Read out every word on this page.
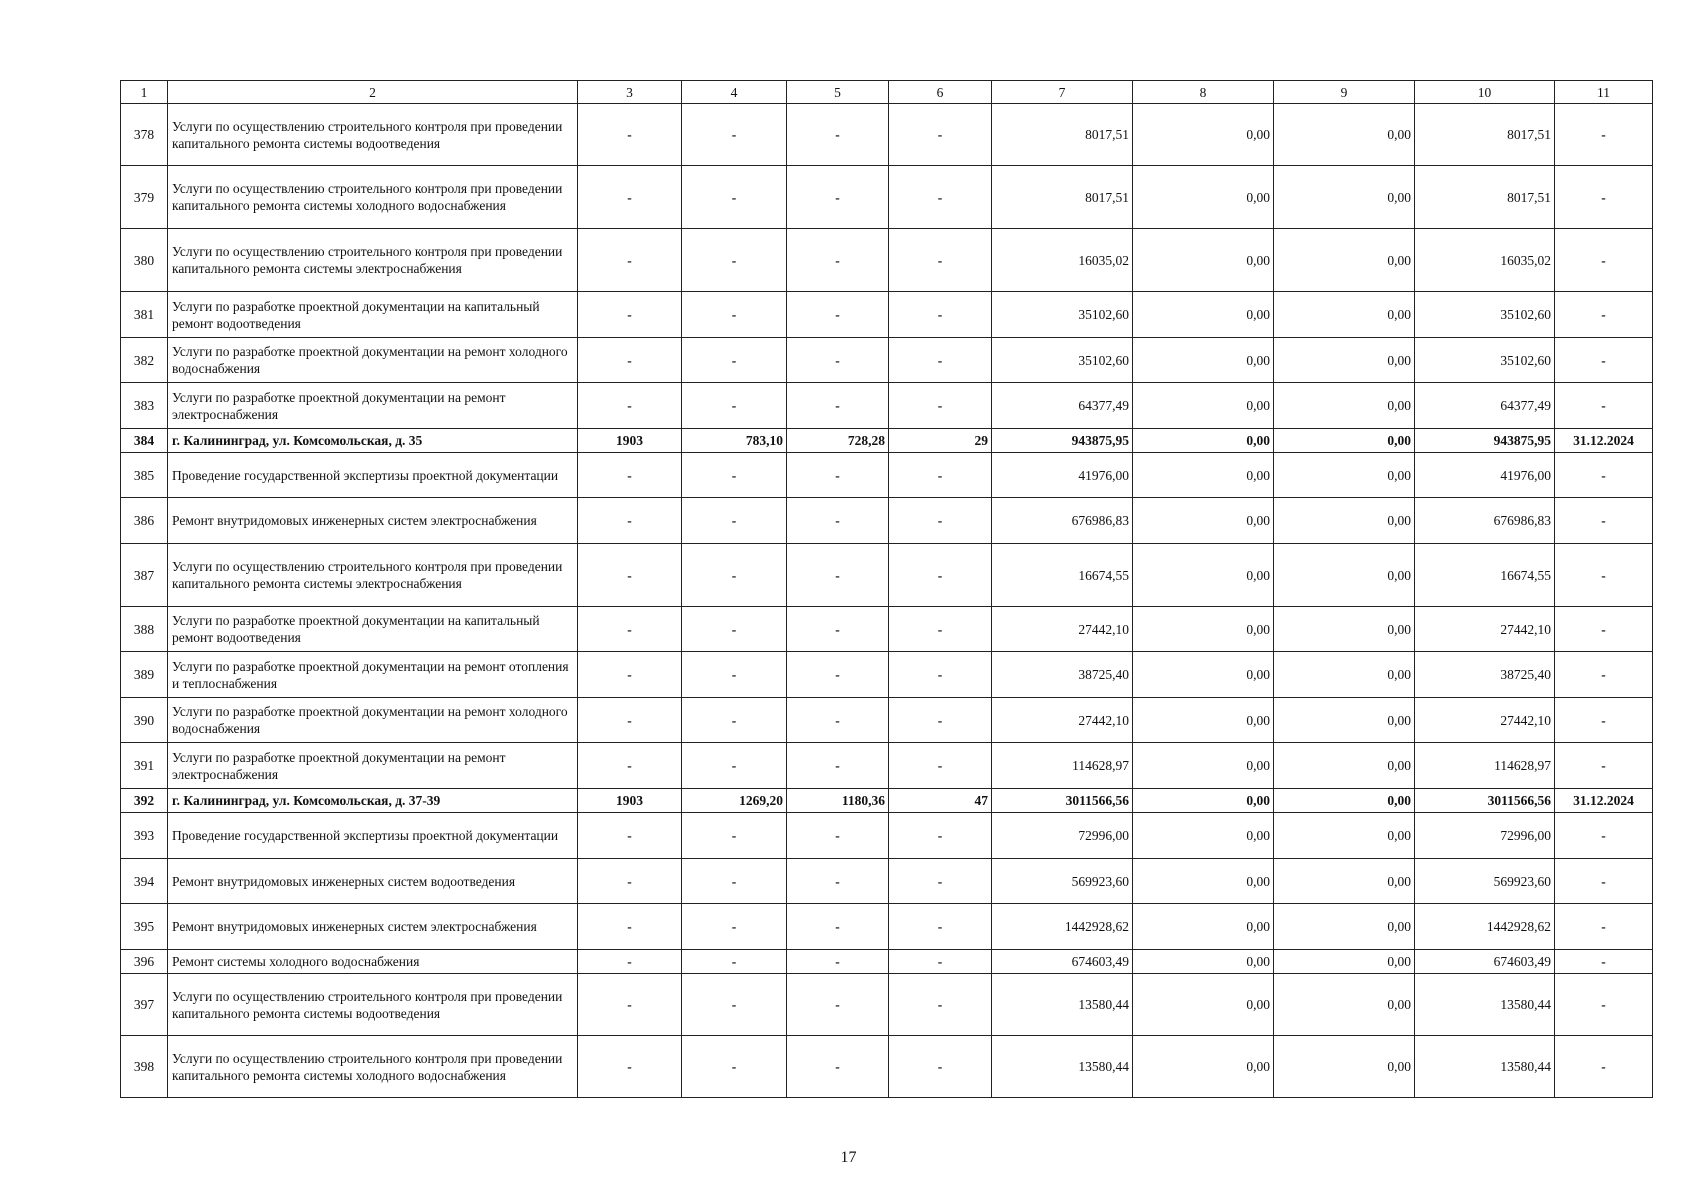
1	2	3	4	5	6	7	8	9	10	11
378	Услуги по осуществлению строительного контроля при проведении капитального ремонта системы водоотведения	-	-	-	-	8017,51	0,00	0,00	8017,51	-
379	Услуги по осуществлению строительного контроля при проведении капитального ремонта системы холодного водоснабжения	-	-	-	-	8017,51	0,00	0,00	8017,51	-
380	Услуги по осуществлению строительного контроля при проведении капитального ремонта системы электроснабжения	-	-	-	-	16035,02	0,00	0,00	16035,02	-
381	Услуги по разработке проектной документации на капитальный ремонт водоотведения	-	-	-	-	35102,60	0,00	0,00	35102,60	-
382	Услуги по разработке проектной документации на ремонт холодного водоснабжения	-	-	-	-	35102,60	0,00	0,00	35102,60	-
383	Услуги по разработке проектной документации на ремонт электроснабжения	-	-	-	-	64377,49	0,00	0,00	64377,49	-
384	г. Калининград, ул. Комсомольская, д. 35	1903	783,10	728,28	29	943875,95	0,00	0,00	943875,95	31.12.2024
385	Проведение государственной экспертизы проектной документации	-	-	-	-	41976,00	0,00	0,00	41976,00	-
386	Ремонт внутридомовых инженерных систем электроснабжения	-	-	-	-	676986,83	0,00	0,00	676986,83	-
387	Услуги по осуществлению строительного контроля при проведении капитального ремонта системы электроснабжения	-	-	-	-	16674,55	0,00	0,00	16674,55	-
388	Услуги по разработке проектной документации на капитальный ремонт водоотведения	-	-	-	-	27442,10	0,00	0,00	27442,10	-
389	Услуги по разработке проектной документации на ремонт отопления и теплоснабжения	-	-	-	-	38725,40	0,00	0,00	38725,40	-
390	Услуги по разработке проектной документации на ремонт холодного водоснабжения	-	-	-	-	27442,10	0,00	0,00	27442,10	-
391	Услуги по разработке проектной документации на ремонт электроснабжения	-	-	-	-	114628,97	0,00	0,00	114628,97	-
392	г. Калининград, ул. Комсомольская, д. 37-39	1903	1269,20	1180,36	47	3011566,56	0,00	0,00	3011566,56	31.12.2024
393	Проведение государственной экспертизы проектной документации	-	-	-	-	72996,00	0,00	0,00	72996,00	-
394	Ремонт внутридомовых инженерных систем водоотведения	-	-	-	-	569923,60	0,00	0,00	569923,60	-
395	Ремонт внутридомовых инженерных систем электроснабжения	-	-	-	-	1442928,62	0,00	0,00	1442928,62	-
396	Ремонт системы холодного водоснабжения	-	-	-	-	674603,49	0,00	0,00	674603,49	-
397	Услуги по осуществлению строительного контроля при проведении капитального ремонта системы водоотведения	-	-	-	-	13580,44	0,00	0,00	13580,44	-
398	Услуги по осуществлению строительного контроля при проведении капитального ремонта системы холодного водоснабжения	-	-	-	-	13580,44	0,00	0,00	13580,44	-
17
